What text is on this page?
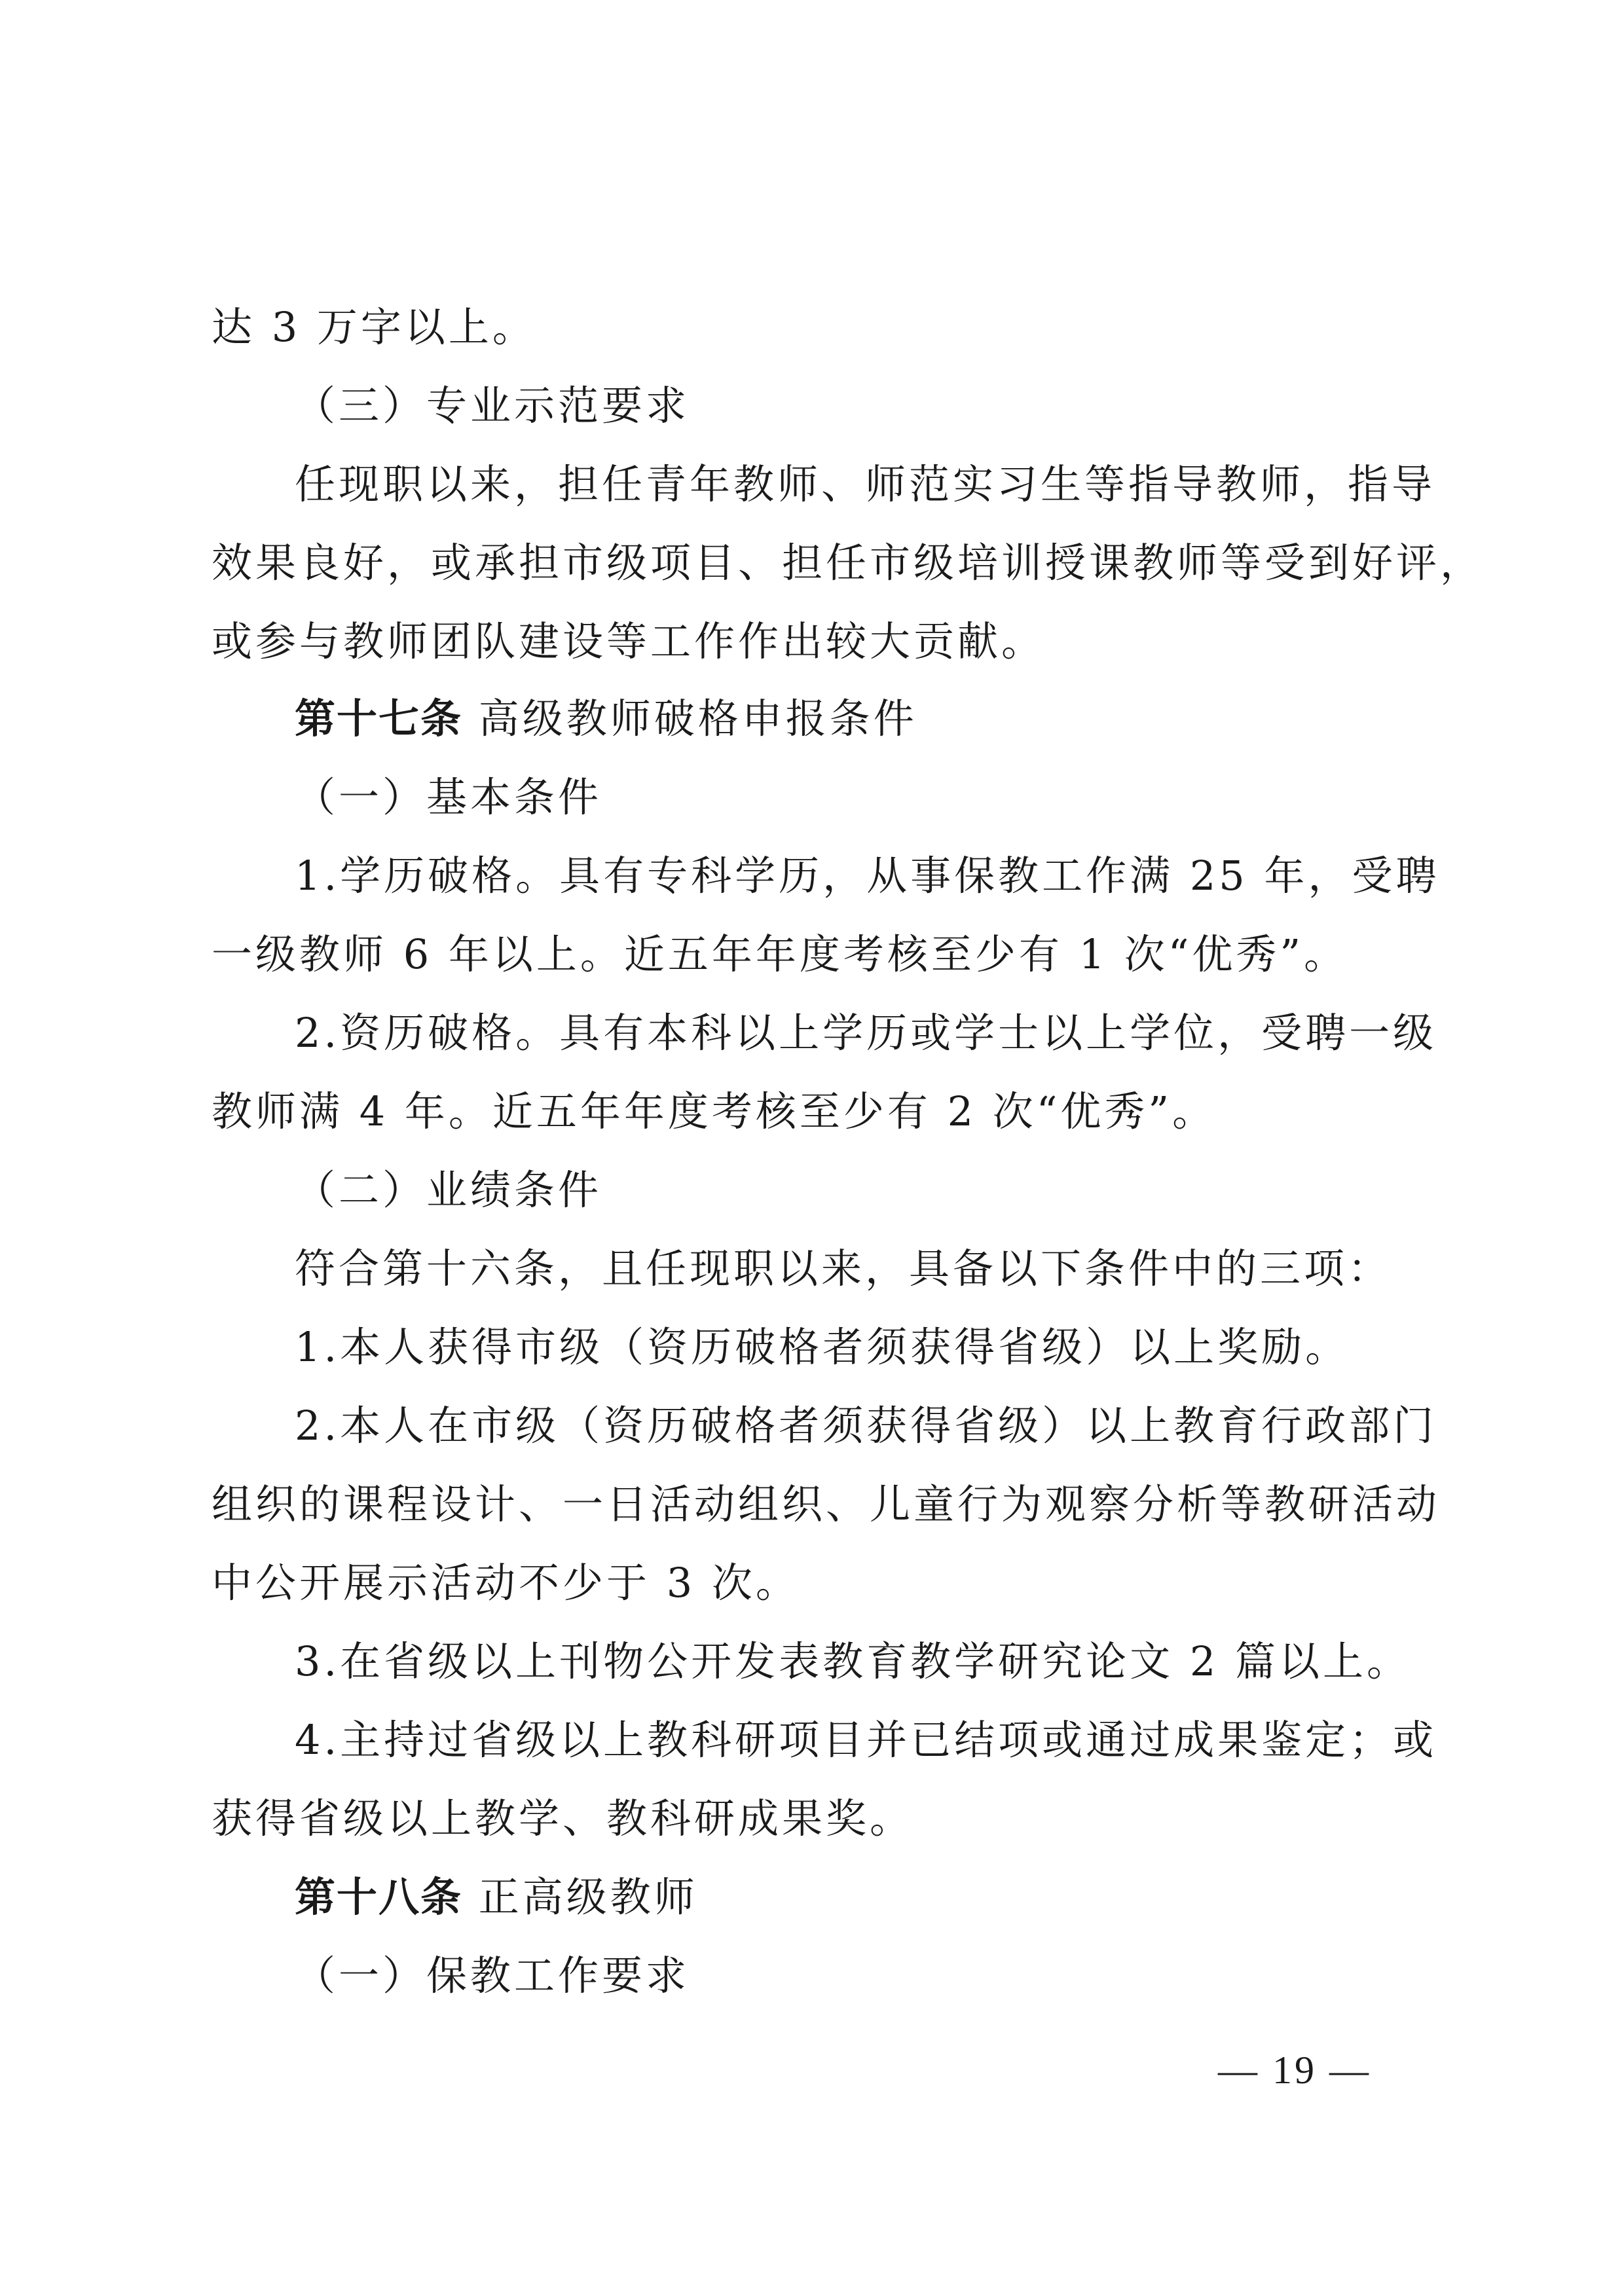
达 3 万字以上。
（三）专业示范要求
任现职以来，担任青年教师、师范实习生等指导教师，指导
效果良好，或承担市级项目、担任市级培训授课教师等受到好评，
或参与教师团队建设等工作作出较大贡献。
第十七条 高级教师破格申报条件
（一）基本条件
1.学历破格。具有专科学历，从事保教工作满 25 年，受聘
一级教师 6 年以上。近五年年度考核至少有 1 次“优秀”。
2.资历破格。具有本科以上学历或学士以上学位，受聘一级
教师满 4 年。近五年年度考核至少有 2 次“优秀”。
（二）业绩条件
符合第十六条，且任现职以来，具备以下条件中的三项：
1.本人获得市级（资历破格者须获得省级）以上奖励。
2.本人在市级（资历破格者须获得省级）以上教育行政部门
组织的课程设计、一日活动组织、儿童行为观察分析等教研活动
中公开展示活动不少于 3 次。
3.在省级以上刊物公开发表教育教学研究论文 2 篇以上。
4.主持过省级以上教科研项目并已结项或通过成果鉴定；或
获得省级以上教学、教科研成果奖。
第十八条 正高级教师
（一）保教工作要求
— 19 —
